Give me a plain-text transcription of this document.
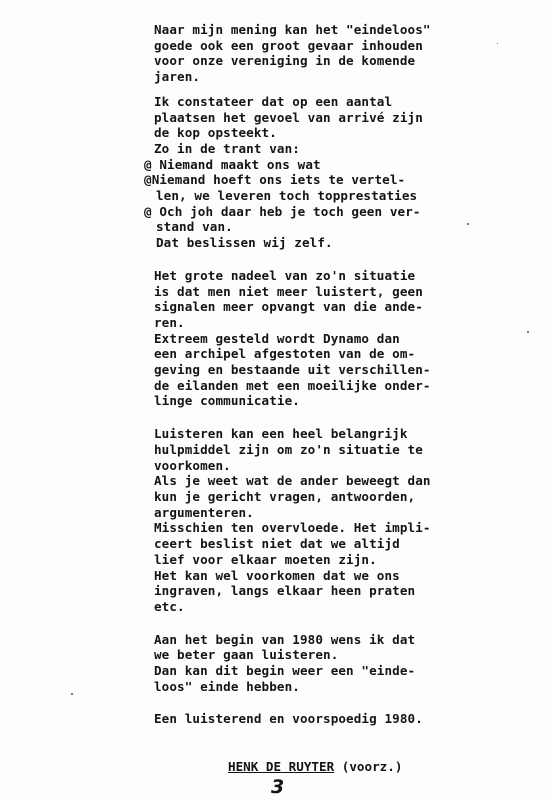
Naar mijn mening kan het "eindeloos"
goede ook een groot gevaar inhouden
voor onze vereniging in de komende
jaren.
Ik constateer dat op een aantal
plaatsen het gevoel van arrivé zijn
de kop opsteekt.
Zo in de trant van:
@ Niemand maakt ons wat
@Niemand hoeft ons iets te vertel-
len, we leveren toch topprestaties
@ Och joh daar heb je toch geen ver-
stand van.
Dat beslissen wij zelf.
Het grote nadeel van zo'n situatie
is dat men niet meer luistert, geen
signalen meer opvangt van die ande-
ren.
Extreem gesteld wordt Dynamo dan
een archipel afgestoten van de om-
geving en bestaande uit verschillen-
de eilanden met een moeilijke onder-
linge communicatie.
Luisteren kan een heel belangrijk
hulpmiddel zijn om zo'n situatie te
voorkomen.
Als je weet wat de ander beweegt dan
kun je gericht vragen, antwoorden,
argumenteren.
Misschien ten overvloede. Het impli-
ceert beslist niet dat we altijd
lief voor elkaar moeten zijn.
Het kan wel voorkomen dat we ons
ingraven, langs elkaar heen praten
etc.
Aan het begin van 1980 wens ik dat
we beter gaan luisteren.
Dan kan dit begin weer een "einde-
loos" einde hebben.
Een luisterend en voorspoedig 1980.
HENK DE RUYTER (voorz.)
3
